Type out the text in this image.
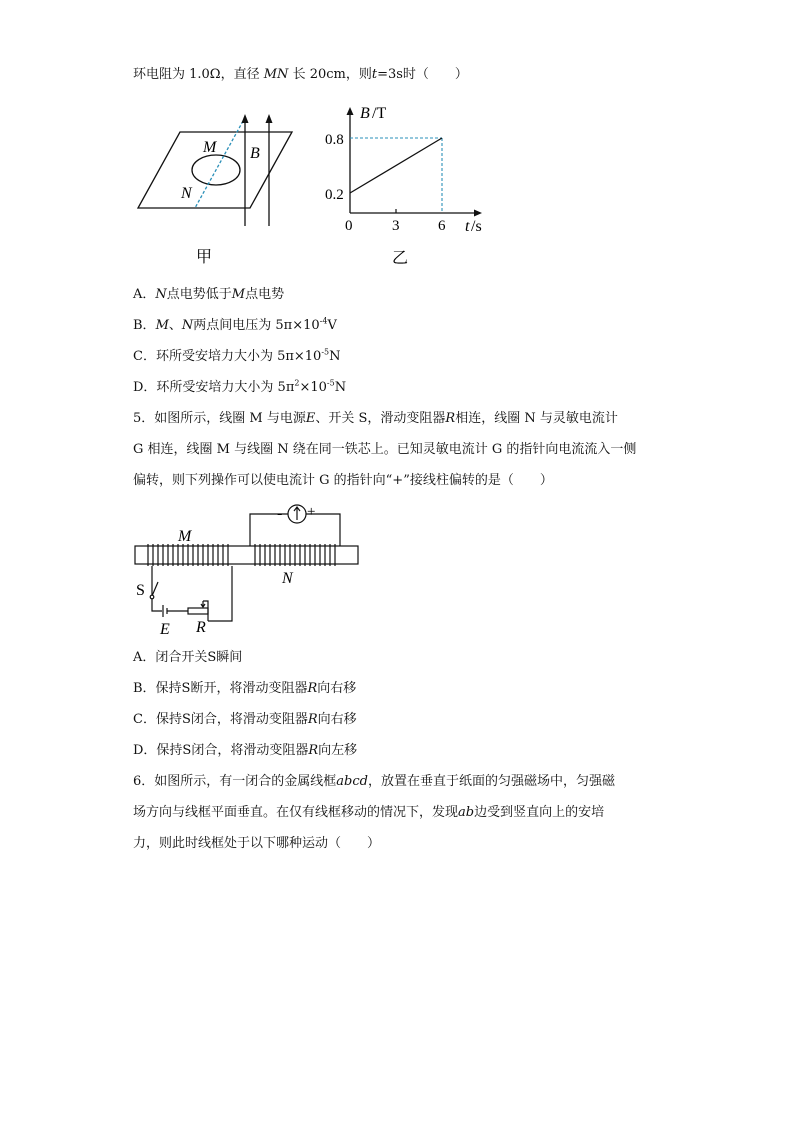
环电阻为 1.0Ω，直径 MN 长 20cm，则t=3s时（　　）
M
N
B
甲
B /T
0.8
0.2
0	3	6 t /s
乙
A．N点电势低于M点电势
B．M、N两点间电压为 $5\pi\times 10^{-4}V$
C．环所受安培力大小为 $5\pi\times 10^{-5}N$
D．环所受安培力大小为 $5\pi^2\times 10^{-5}N$
5．如图所示，线圈 M 与电源E、开关 S，滑动变阻器R相连，线圈 N 与灵敏电流计
G 相连，线圈 M 与线圈 N 绕在同一铁芯上。已知灵敏电流计 G 的指针向电流流入一侧
偏转，则下列操作可以使电流计 G 的指针向“+”接线柱偏转的是（　　）
- +
M
N
S
E R
A．闭合开关S瞬间
B．保持S断开，将滑动变阻器R向右移
C．保持S闭合，将滑动变阻器R向右移
D．保持S闭合，将滑动变阻器R向左移
6．如图所示，有一闭合的金属线框abcd，放置在垂直于纸面的匀强磁场中，匀强磁
场方向与线框平面垂直。在仅有线框移动的情况下，发现ab边受到竖直向上的安培
力，则此时线框处于以下哪种运动（　　）
